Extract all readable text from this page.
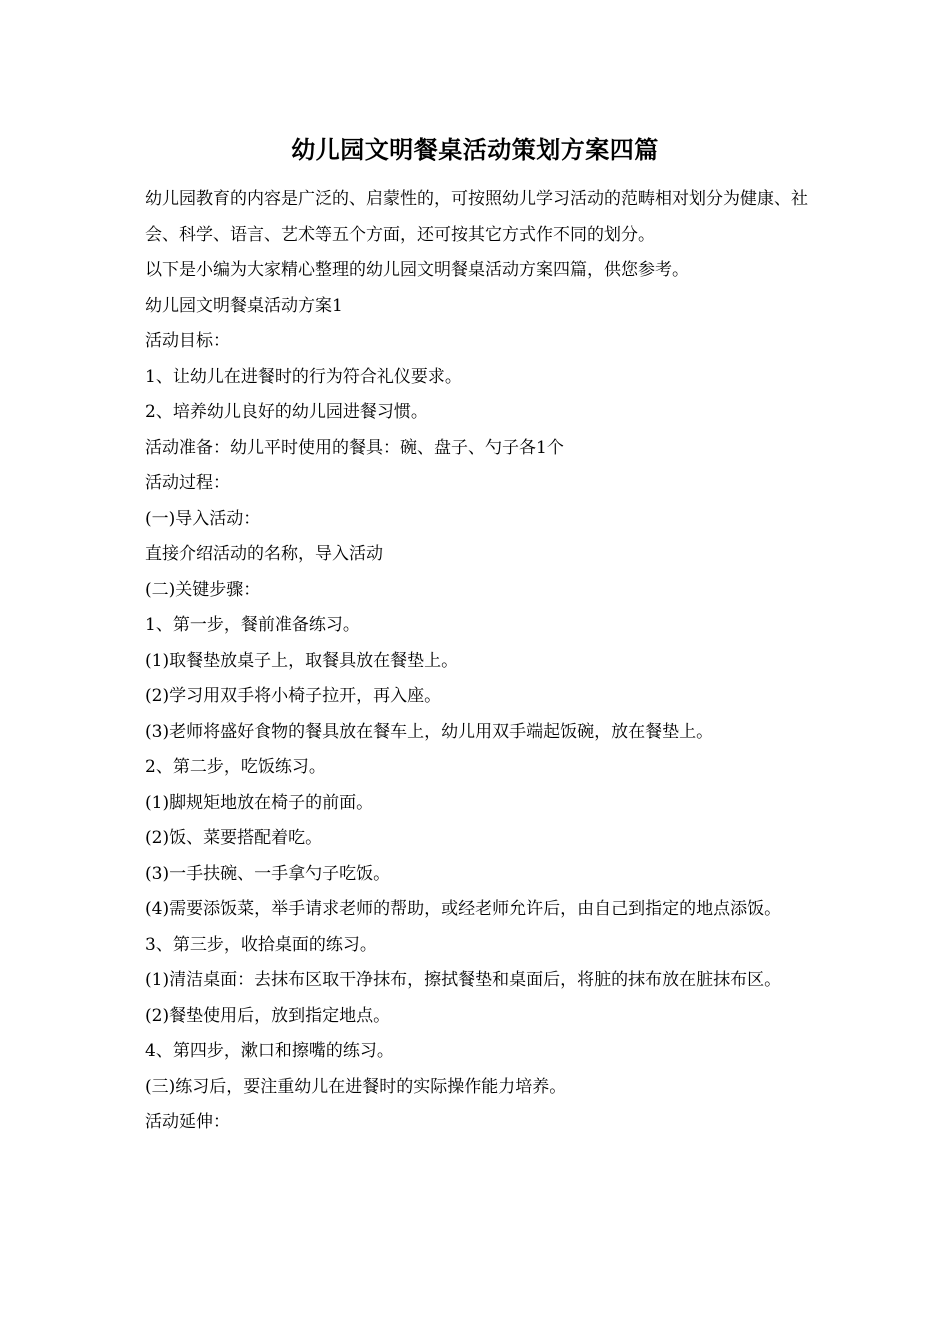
幼儿园文明餐桌活动策划方案四篇

幼儿园教育的内容是广泛的、启蒙性的，可按照幼儿学习活动的范畴相对划分为健康、社会、科学、语言、艺术等五个方面，还可按其它方式作不同的划分。

以下是小编为大家精心整理的幼儿园文明餐桌活动方案四篇，供您参考。

幼儿园文明餐桌活动方案1

活动目标：

1、让幼儿在进餐时的行为符合礼仪要求。

2、培养幼儿良好的幼儿园进餐习惯。

活动准备：幼儿平时使用的餐具：碗、盘子、勺子各1个

活动过程：

(一)导入活动：

直接介绍活动的名称，导入活动

(二)关键步骤：

1、第一步，餐前准备练习。

(1)取餐垫放桌子上，取餐具放在餐垫上。

(2)学习用双手将小椅子拉开，再入座。

(3)老师将盛好食物的餐具放在餐车上，幼儿用双手端起饭碗，放在餐垫上。

2、第二步，吃饭练习。

(1)脚规矩地放在椅子的前面。

(2)饭、菜要搭配着吃。

(3)一手扶碗、一手拿勺子吃饭。

(4)需要添饭菜，举手请求老师的帮助，或经老师允许后，由自己到指定的地点添饭。

3、第三步，收拾桌面的练习。

(1)清洁桌面：去抹布区取干净抹布，擦拭餐垫和桌面后，将脏的抹布放在脏抹布区。

(2)餐垫使用后，放到指定地点。

4、第四步，漱口和擦嘴的练习。

(三)练习后，要注重幼儿在进餐时的实际操作能力培养。

活动延伸：
